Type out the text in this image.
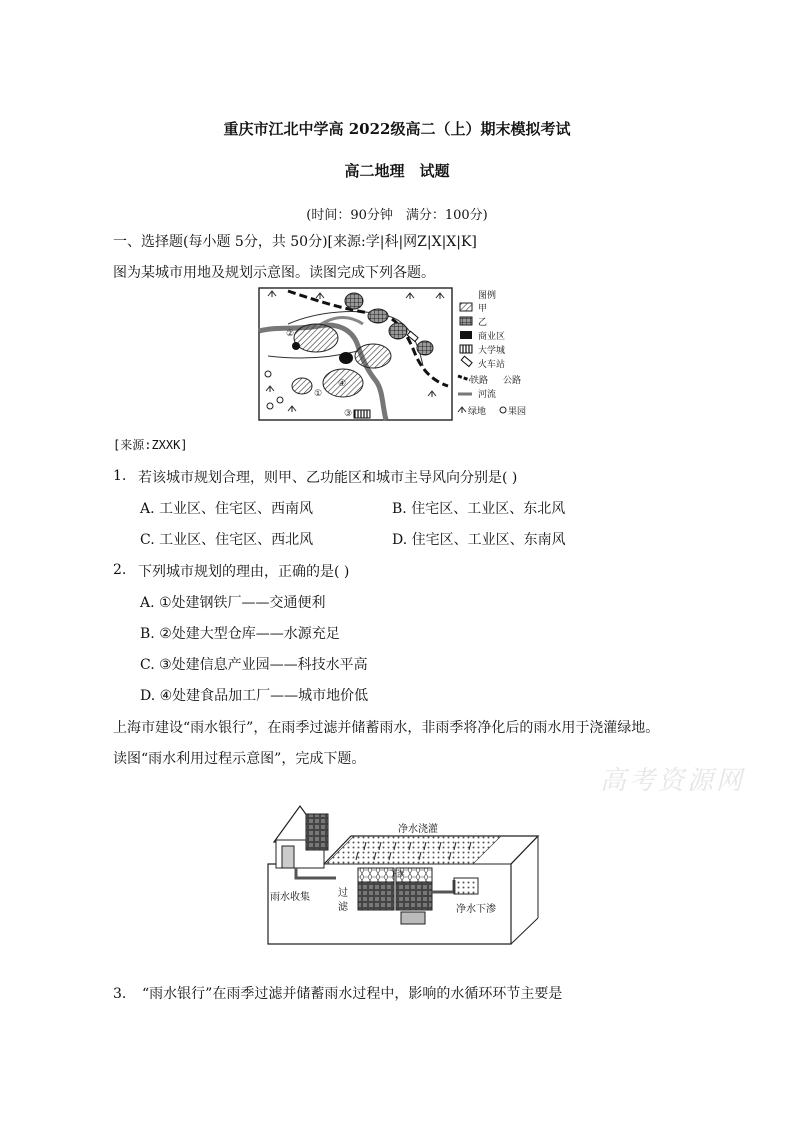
重庆市江北中学高 2022级高二（上）期末模拟考试
高二地理　试题
(时间：90分钟　满分：100分)
一、选择题(每小题 5分，共 50分)[来源:学|科|网Z|X|X|K]
图为某城市用地及规划示意图。读图完成下列各题。
①
②
③
④
图例
甲
乙
商业区
大学城
火车站
铁路 公路
河流
绿地 果园
[来源:ZXXK]
1. 若该城市规划合理，则甲、乙功能区和城市主导风向分别是( )
A. 工业区、住宅区、西南风	B. 住宅区、工业区、东北风
C. 工业区、住宅区、西北风	D. 住宅区、工业区、东南风
2. 下列城市规划的理由，正确的是( )
A. ①处建钢铁厂——交通便利
B. ②处建大型仓库——水源充足
C. ③处建信息产业园——科技水平高
D. ④处建食品加工厂——城市地价低
上海市建设“雨水银行”，在雨季过滤并储蓄雨水，非雨季将净化后的雨水用于浇灌绿地。
读图“雨水利用过程示意图”，完成下题。
高考资源网
净水浇灌
下渗
雨水收集	过
滤	净水下渗
3. “雨水银行”在雨季过滤并储蓄雨水过程中，影响的水循环环节主要是
